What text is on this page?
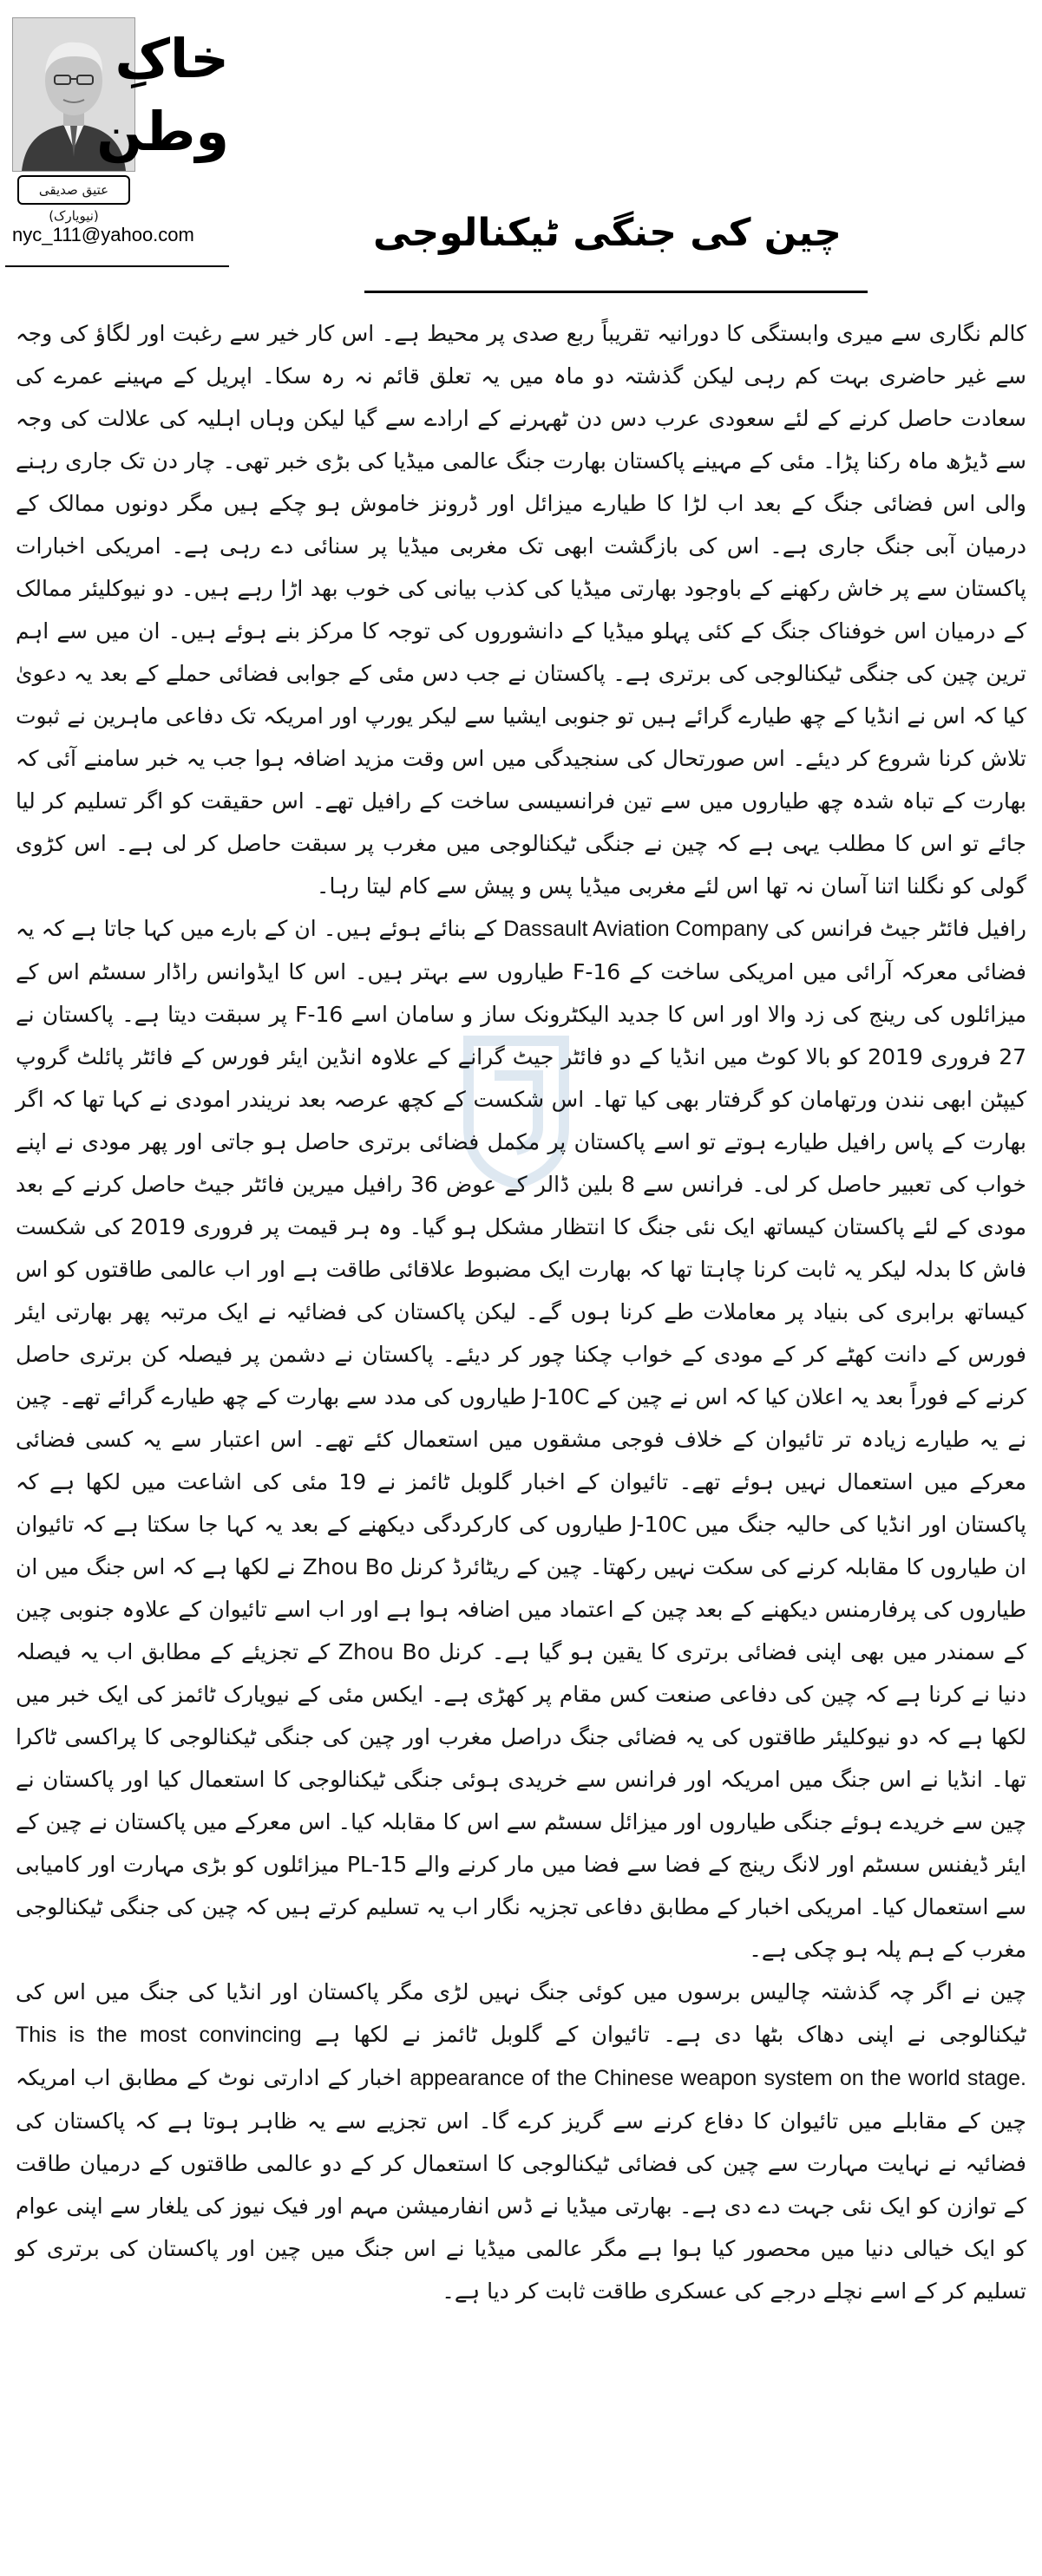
خاکِ
وطن
عتیق صدیقی (نیویارک)
nyc_111@yahoo.com	چین کی جنگی ٹیکنالوجی

کالم نگاری سے میری وابستگی کا دورانیہ تقریباً ربع صدی پر محیط ہے۔ اس کار خیر سے رغبت اور لگاؤ کی وجہ سے غیر حاضری بہت کم رہی لیکن گذشتہ دو ماہ میں یہ تعلق قائم نہ رہ سکا۔ اپریل کے مہینے عمرے کی سعادت حاصل کرنے کے لئے سعودی عرب دس دن ٹھہرنے کے ارادے سے گیا لیکن وہاں اہلیہ کی علالت کی وجہ سے ڈیڑھ ماہ رکنا پڑا۔ مئی کے مہینے پاکستان بھارت جنگ عالمی میڈیا کی بڑی خبر تھی۔ چار دن تک جاری رہنے والی اس فضائی جنگ کے بعد اب لڑا کا طیارے میزائل اور ڈرونز خاموش ہو چکے ہیں مگر دونوں ممالک کے درمیان آبی جنگ جاری ہے۔ اس کی بازگشت ابھی تک مغربی میڈیا پر سنائی دے رہی ہے۔ امریکی اخبارات پاکستان سے پر خاش رکھنے کے باوجود بھارتی میڈیا کی کذب بیانی کی خوب بھد اڑا رہے ہیں۔ دو نیوکلیئر ممالک کے درمیان اس خوفناک جنگ کے کئی پہلو میڈیا کے دانشوروں کی توجہ کا مرکز بنے ہوئے ہیں۔ ان میں سے اہم ترین چین کی جنگی ٹیکنالوجی کی برتری ہے۔ پاکستان نے جب دس مئی کے جوابی فضائی حملے کے بعد یہ دعویٰ کیا کہ اس نے انڈیا کے چھ طیارے گرائے ہیں تو جنوبی ایشیا سے لیکر یورپ اور امریکہ تک دفاعی ماہرین نے ثبوت تلاش کرنا شروع کر دیئے۔ اس صورتحال کی سنجیدگی میں اس وقت مزید اضافہ ہوا جب یہ خبر سامنے آئی کہ بھارت کے تباہ شدہ چھ طیاروں میں سے تین فرانسیسی ساخت کے رافیل تھے۔ اس حقیقت کو اگر تسلیم کر لیا جائے تو اس کا مطلب یہی ہے کہ چین نے جنگی ٹیکنالوجی میں مغرب پر سبقت حاصل کر لی ہے۔ اس کڑوی گولی کو نگلنا اتنا آسان نہ تھا اس لئے مغربی میڈیا پس و پیش سے کام لیتا رہا۔

رافیل فائٹر جیٹ فرانس کی Dassault Aviation Company کے بنائے ہوئے ہیں۔ ان کے بارے میں کہا جاتا ہے کہ یہ فضائی معرکہ آرائی میں امریکی ساخت کے F-16 طیاروں سے بہتر ہیں۔ اس کا ایڈوانس راڈار سسٹم اس کے میزائلوں کی رینج کی زد والا اور اس کا جدید الیکٹرونک ساز و سامان اسے F-16 پر سبقت دیتا ہے۔ پاکستان نے 27 فروری 2019 کو بالا کوٹ میں انڈیا کے دو فائٹر جیٹ گرانے کے علاوہ انڈین ایئر فورس کے فائٹر پائلٹ گروپ کیپٹن ابھی نندن ورتھامان کو گرفتار بھی کیا تھا۔ اس شکست کے کچھ عرصہ بعد نریندر امودی نے کہا تھا کہ اگر بھارت کے پاس رافیل طیارے ہوتے تو اسے پاکستان پر مکمل فضائی برتری حاصل ہو جاتی اور پھر مودی نے اپنے خواب کی تعبیر حاصل کر لی۔ فرانس سے 8 بلین ڈالر کے عوض 36 رافیل میرین فائٹر جیٹ حاصل کرنے کے بعد مودی کے لئے پاکستان کیساتھ ایک نئی جنگ کا انتظار مشکل ہو گیا۔ وہ ہر قیمت پر فروری 2019 کی شکست فاش کا بدلہ لیکر یہ ثابت کرنا چاہتا تھا کہ بھارت ایک مضبوط علاقائی طاقت ہے اور اب عالمی طاقتوں کو اس کیساتھ برابری کی بنیاد پر معاملات طے کرنا ہوں گے۔ لیکن پاکستان کی فضائیہ نے ایک مرتبہ پھر بھارتی ایئر فورس کے دانت کھٹے کر کے مودی کے خواب چکنا چور کر دیئے۔ پاکستان نے دشمن پر فیصلہ کن برتری حاصل کرنے کے فوراً بعد یہ اعلان کیا کہ اس نے چین کے J-10C طیاروں کی مدد سے بھارت کے چھ طیارے گرائے تھے۔ چین نے یہ طیارے زیادہ تر تائیوان کے خلاف فوجی مشقوں میں استعمال کئے تھے۔ اس اعتبار سے یہ کسی فضائی معرکے میں استعمال نہیں ہوئے تھے۔ تائیوان کے اخبار گلوبل ٹائمز نے 19 مئی کی اشاعت میں لکھا ہے کہ پاکستان اور انڈیا کی حالیہ جنگ میں J-10C طیاروں کی کارکردگی دیکھنے کے بعد یہ کہا جا سکتا ہے کہ تائیوان ان طیاروں کا مقابلہ کرنے کی سکت نہیں رکھتا۔ چین کے ریٹائرڈ کرنل Zhou Bo نے لکھا ہے کہ اس جنگ میں ان طیاروں کی پرفارمنس دیکھنے کے بعد چین کے اعتماد میں اضافہ ہوا ہے اور اب اسے تائیوان کے علاوہ جنوبی چین کے سمندر میں بھی اپنی فضائی برتری کا یقین ہو گیا ہے۔ کرنل Zhou Bo کے تجزیئے کے مطابق اب یہ فیصلہ دنیا نے کرنا ہے کہ چین کی دفاعی صنعت کس مقام پر کھڑی ہے۔ ایکس مئی کے نیویارک ٹائمز کی ایک خبر میں لکھا ہے کہ دو نیوکلیئر طاقتوں کی یہ فضائی جنگ دراصل مغرب اور چین کی جنگی ٹیکنالوجی کا پراکسی ٹاکرا تھا۔ انڈیا نے اس جنگ میں امریکہ اور فرانس سے خریدی ہوئی جنگی ٹیکنالوجی کا استعمال کیا اور پاکستان نے چین سے خریدے ہوئے جنگی طیاروں اور میزائل سسٹم سے اس کا مقابلہ کیا۔ اس معرکے میں پاکستان نے چین کے ایئر ڈیفنس سسٹم اور لانگ رینج کے فضا سے فضا میں مار کرنے والے PL-15 میزائلوں کو بڑی مہارت اور کامیابی سے استعمال کیا۔ امریکی اخبار کے مطابق دفاعی تجزیہ نگار اب یہ تسلیم کرتے ہیں کہ چین کی جنگی ٹیکنالوجی مغرب کے ہم پلہ ہو چکی ہے۔

چین نے اگر چہ گذشتہ چالیس برسوں میں کوئی جنگ نہیں لڑی مگر پاکستان اور انڈیا کی جنگ میں اس کی ٹیکنالوجی نے اپنی دھاک بٹھا دی ہے۔ تائیوان کے گلوبل ٹائمز نے لکھا ہے This is the most convincing appearance of the Chinese weapon system on the world stage. اخبار کے ادارتی نوٹ کے مطابق اب امریکہ چین کے مقابلے میں تائیوان کا دفاع کرنے سے گریز کرے گا۔ اس تجزیے سے یہ ظاہر ہوتا ہے کہ پاکستان کی فضائیہ نے نہایت مہارت سے چین کی فضائی ٹیکنالوجی کا استعمال کر کے دو عالمی طاقتوں کے درمیان طاقت کے توازن کو ایک نئی جہت دے دی ہے۔ بھارتی میڈیا نے ڈس انفارمیشن مہم اور فیک نیوز کی یلغار سے اپنی عوام کو ایک خیالی دنیا میں محصور کیا ہوا ہے مگر عالمی میڈیا نے اس جنگ میں چین اور پاکستان کی برتری کو تسلیم کر کے اسے نچلے درجے کی عسکری طاقت ثابت کر دیا ہے۔
